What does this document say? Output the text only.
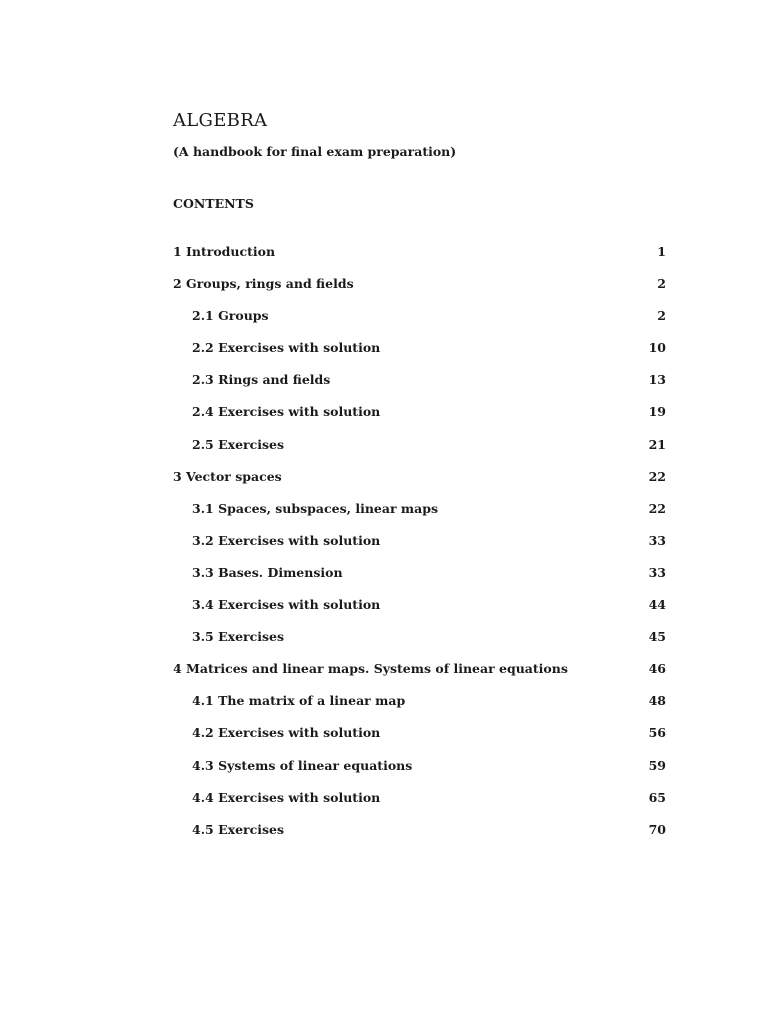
ALGEBRA

(A handbook for final exam preparation)

CONTENTS

1 Introduction	1
2 Groups, rings and fields	2
2.1 Groups	2
2.2 Exercises with solution	10
2.3 Rings and fields	13
2.4 Exercises with solution	19
2.5 Exercises	21
3 Vector spaces	22
3.1 Spaces, subspaces, linear maps	22
3.2 Exercises with solution	33
3.3 Bases. Dimension	33
3.4 Exercises with solution	44
3.5 Exercises	45
4 Matrices and linear maps. Systems of linear equations	46
4.1 The matrix of a linear map	48
4.2 Exercises with solution	56
4.3 Systems of linear equations	59
4.4 Exercises with solution	65
4.5 Exercises	70
